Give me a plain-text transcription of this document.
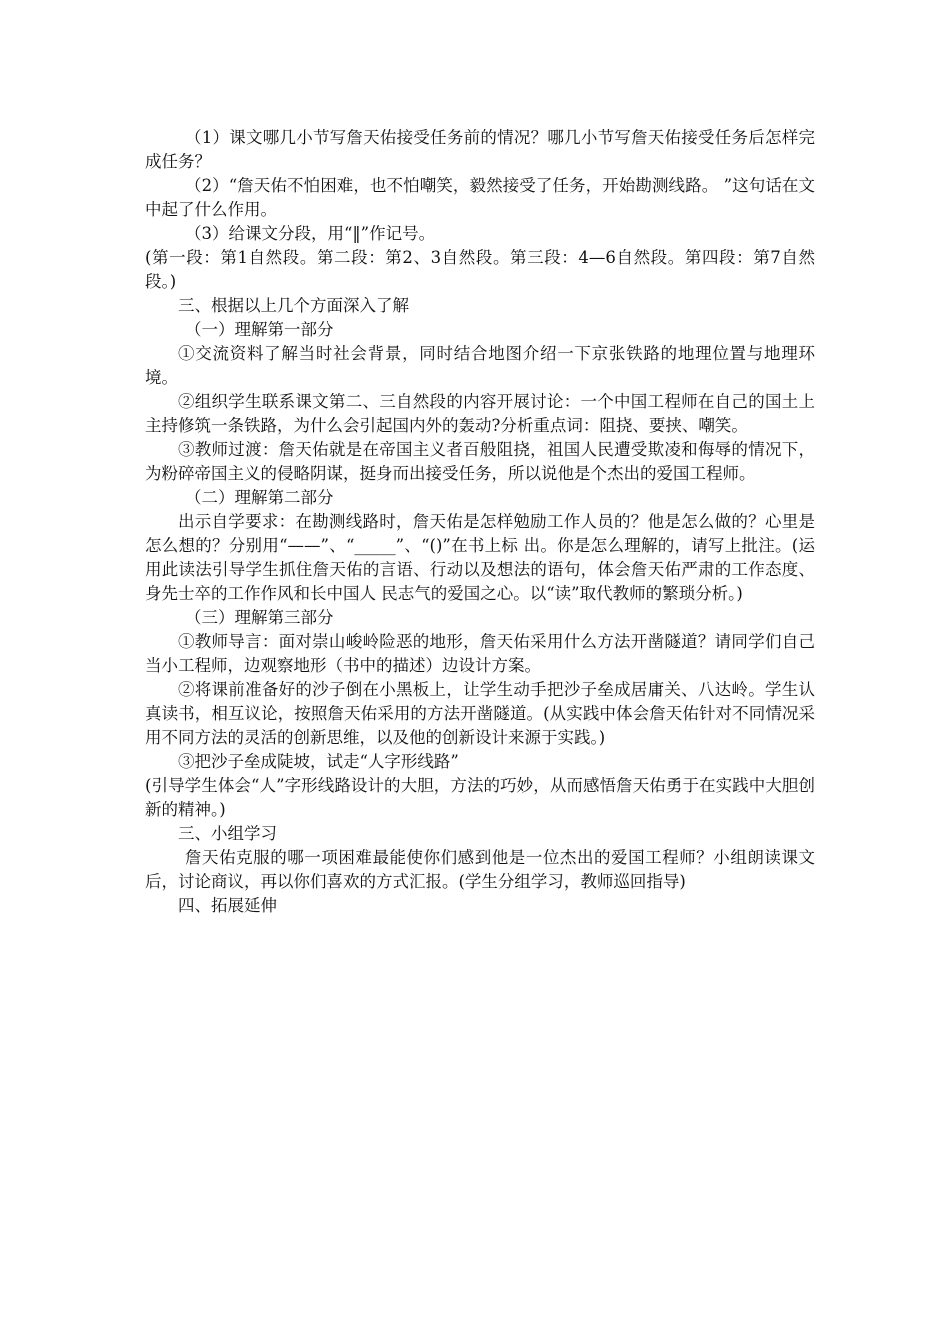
（1）课文哪几小节写詹天佑接受任务前的情况？哪几小节写詹天佑接受任务后怎样完成任务？

（2）“詹天佑不怕困难，也不怕嘲笑，毅然接受了任务，开始勘测线路。 ”这句话在文中起了什么作用。

（3）给课文分段，用“‖”作记号。

(第一段：第1自然段。第二段：第2、3自然段。第三段：4—6自然段。第四段：第7自然段。)

三、根据以上几个方面深入了解

（一）理解第一部分

①交流资料了解当时社会背景，同时结合地图介绍一下京张铁路的地理位置与地理环境。

②组织学生联系课文第二、三自然段的内容开展讨论：一个中国工程师在自己的国土上主持修筑一条铁路，为什么会引起国内外的轰动?分析重点词：阻挠、要挟、嘲笑。

③教师过渡：詹天佑就是在帝国主义者百般阻挠，祖国人民遭受欺凌和侮辱的情况下，为粉碎帝国主义的侵略阴谋，挺身而出接受任务，所以说他是个杰出的爱国工程师。

（二）理解第二部分

出示自学要求：在勘测线路时，詹天佑是怎样勉励工作人员的？他是怎么做的？心里是怎么想的？分别用“——”、“_____”、“()”在书上标 出。你是怎么理解的，请写上批注。(运用此读法引导学生抓住詹天佑的言语、行动以及想法的语句，体会詹天佑严肃的工作态度、身先士卒的工作作风和长中国人 民志气的爱国之心。以“读”取代教师的繁琐分析。)

（三）理解第三部分

①教师导言：面对崇山峻岭险恶的地形，詹天佑采用什么方法开凿隧道？请同学们自己当小工程师，边观察地形（书中的描述）边设计方案。

②将课前准备好的沙子倒在小黑板上，让学生动手把沙子垒成居庸关、八达岭。学生认真读书，相互议论，按照詹天佑采用的方法开凿隧道。(从实践中体会詹天佑针对不同情况采用不同方法的灵活的创新思维，以及他的创新设计来源于实践。)

③把沙子垒成陡坡，试走“人字形线路”

(引导学生体会“人”字形线路设计的大胆，方法的巧妙，从而感悟詹天佑勇于在实践中大胆创新的精神。)

三、小组学习

詹天佑克服的哪一项困难最能使你们感到他是一位杰出的爱国工程师？小组朗读课文后，讨论商议，再以你们喜欢的方式汇报。(学生分组学习，教师巡回指导)

四、拓展延伸
